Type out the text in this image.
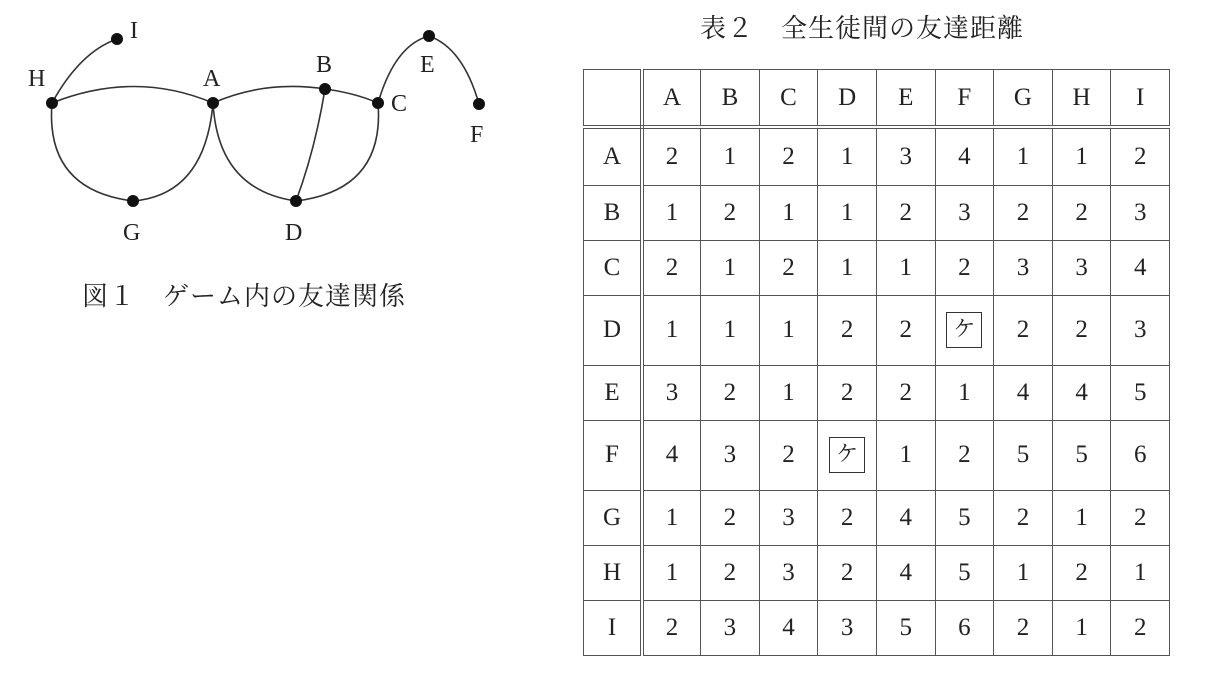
I
H	A
B
C
E
F
G	D
図１　ゲーム内の友達関係
表２　全生徒間の友達距離
	A	B	C	D	E	F	G	H	I
A	2	1	2	1	3	4	1	1	2
B	1	2	1	1	2	3	2	2	3
C	2	1	2	1	1	2	3	3	4
D	1	1	1	2	2	ケ	2	2	3
E	3	2	1	2	2	1	4	4	5
F	4	3	2	ケ	1	2	5	5	6
G	1	2	3	2	4	5	2	1	2
H	1	2	3	2	4	5	1	2	1
I	2	3	4	3	5	6	2	1	2
